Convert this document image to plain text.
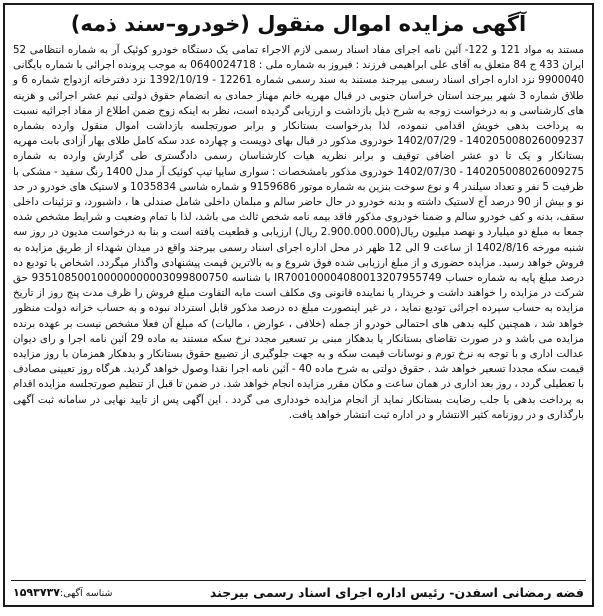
آگهی مزایده اموال منقول (خودرو–سند ذمه)

مستند به مواد 121 و 122- آئین نامه اجرای مفاد اسناد رسمی لازم الاجراء تمامی یک دستگاه خودرو کوئیک آر به شماره انتظامی 52 ایران 433 ج 84 متعلق به آقای علی ابراهیمی فرزند : فیروز به شماره ملی : 0640024718 به موجب پرونده اجرائی با شماره بایگانی 9900040 نزد اداره اجرای اسناد رسمی بیرجند مستند به سند رسمی شماره 12261 - 1392/10/19 نزد دفترخانه ازدواج شماره 6 و طلاق شماره 3 شهر بیرجند استان خراسان جنوبی در قبال مهریه خانم مهناز حمادی به انضمام حقوق دولتی نیم عشر اجرائی و هزینه های کارشناسی و به درخواست زوجه به شرح ذیل بازداشت و ارزیابی گردیده است، نظر به اینکه زوج ضمن اطلاع از مفاد اجرائیه نسبت به پرداخت بدهی خویش اقدامی ننموده، لذا بدرخواست بستانکار و برابر صورتجلسه بازداشت اموال منقول وارده بشماره 140205008026009237 - 1402/07/29 خودروی مذکور در قبال بهای دویست و چهارده عدد سکه کامل طلای بهار آزادی بابت مهریه بستانکار و یک تا دو عشر اضافی توقیف و برابر نظریه هیات کارشناسان رسمی دادگستری طی گزارش وارده به شماره 140205008026009275 - 1402/07/30 خودروی مذکور بامشخصات : سواری سایپا تیپ کوئیک آر مدل 1400 رنگ سفید - مشکی با ظرفیت 5 نفر و تعداد سیلندر 4 و نوع سوخت بنزین به شماره موتور 9159686 و شماره شاسی 1035834 و لاستیک های خودرو در حد نو و بیش از 90 درصد آج لاستیک داشته و بدنه خودرو در حال حاضر سالم و مبلمان داخلی شامل صندلی ها ، داشبورد، و تزئینات داخلی سقف، بدنه و کف خودرو سالم و ضمنا خودروی مذکور فاقد بیمه نامه شخص ثالث می باشد، لذا با تمام وضعیت و شرایط مشخص شده جمعا به مبلغ دو میلیارد و نهصد میلیون ریال(2.900.000.000 ریال) ارزیابی و قطعیت یافته است و بنا به درخواست مدیون در روز سه شنبه مورخه 1402/8/16 از ساعت 9 الی 12 ظهر در محل اداره اجرای اسناد رسمی بیرجند واقع در میدان شهداء از طریق مزایده به فروش خواهد رسید. مزایده حضوری و از مبلغ ارزیابی شده فوق شروع و به بالاترین قیمت پیشنهادی واگذار میگردد. اشخاص با تودیع ده درصد مبلغ پایه به شماره حساب IR700100004080013207955749 با شناسه 935108500100000000003099800750 حق شرکت در مزایده را خواهند داشت و خریدار یا نماینده قانونی وی مکلف است مابه التفاوت مبلغ فروش را ظرف مدت پنج روز از تاریخ مزایده به حساب سپرده اجرائی تودیع نماید ، در غیر اینصورت مبلغ ده درصد مذکور قابل استرداد نبوده و به حساب خزانه دولت منظور خواهد شد ، همچنین کلیه بدهی های احتمالی خودرو از جمله (خلافی ، عوارض ، مالیات) که مبلغ آن فعلا مشخص نیست بر عهده برنده مزایده می باشد و در صورت تقاضای بستانکار یا بدهکار مبنی بر تسعیر مجدد نرخ سکه مستند به ماده 29 آئین نامه اجرا و رای دیوان عدالت اداری و با توجه به نرخ تورم و نوسانات قیمت سکه و به جهت جلوگیری از تضییع حقوق بستانکار و بدهکار همزمان با روز مزایده قیمت سکه مجددا تسعیر خواهد شد . حقوق دولتی به شرح ماده 40 - آئین نامه اجرا نقدا وصول خواهد گردید. هرگاه روز تعیینی مصادف با تعطیلی گردد ، روز بعد اداری در همان ساعت و مکان مقرر مزایده انجام خواهد شد. در ضمن تا قبل از تنظیم صورتجلسه مزایده اقدام به پرداخت بدهی یا جلب رضایت بستانکار نماید از انجام مزایده خودداری می گردد . این آگهی پس از تایید نهایی در سامانه ثبت آگهی بارگذاری و در روزنامه کثیر الانتشار و در اداره ثبت انتشار خواهد یافت.

فضه رمضانی اسفدن- رئیس اداره اجرای اسناد رسمی بیرجند
شناسه آگهی:۱۵۹۳۷۳۷
